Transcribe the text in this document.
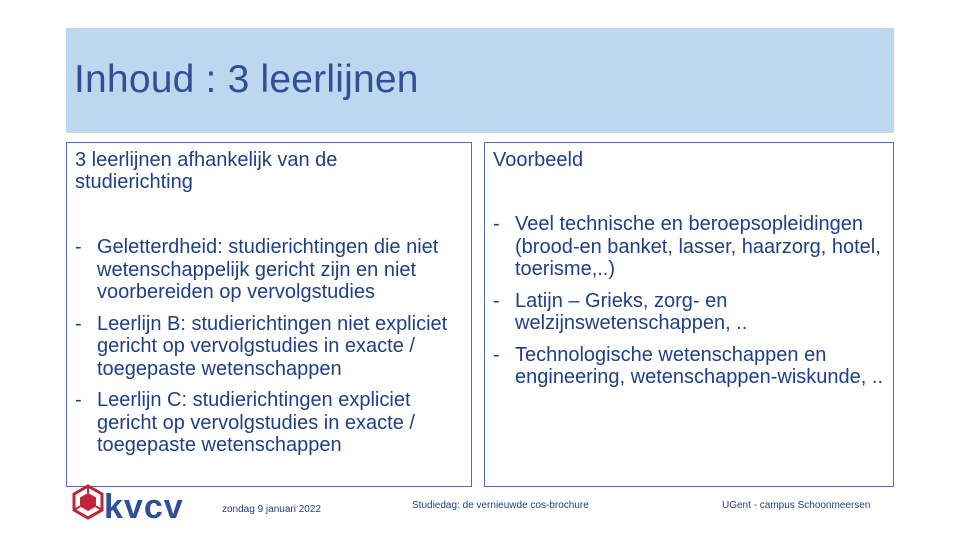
Inhoud : 3 leerlijnen

3 leerlijnen afhankelijk van de studierichting

- Geletterdheid: studierichtingen die niet wetenschappelijk gericht zijn en niet voorbereiden op vervolgstudies
- Leerlijn B: studierichtingen niet expliciet gericht op vervolgstudies in exacte / toegepaste wetenschappen
- Leerlijn C: studierichtingen expliciet gericht op vervolgstudies in exacte / toegepaste wetenschappen

Voorbeeld

- Veel technische en beroepsopleidingen (brood-en banket, lasser, haarzorg, hotel, toerisme,..)
- Latijn – Grieks, zorg- en welzijnswetenschappen, ..
- Technologische wetenschappen en engineering, wetenschappen-wiskunde, ..
kvcv	zondag 9 januari 2022	Studiedag: de vernieuwde cos-brochure	UGent - campus Schoonmeersen
